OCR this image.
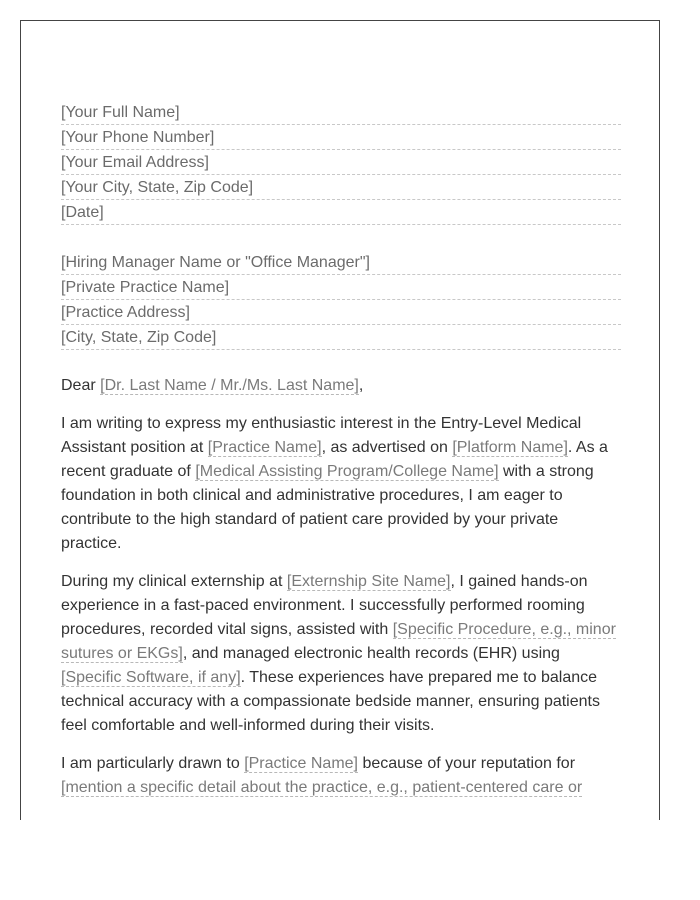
[Your Full Name]
[Your Phone Number]
[Your Email Address]
[Your City, State, Zip Code]
[Date]
[Hiring Manager Name or "Office Manager"]
[Private Practice Name]
[Practice Address]
[City, State, Zip Code]
Dear [Dr. Last Name / Mr./Ms. Last Name],

I am writing to express my enthusiastic interest in the Entry-Level Medical Assistant position at [Practice Name], as advertised on [Platform Name]. As a recent graduate of [Medical Assisting Program/College Name] with a strong foundation in both clinical and administrative procedures, I am eager to contribute to the high standard of patient care provided by your private practice.

During my clinical externship at [Externship Site Name], I gained hands-on experience in a fast-paced environment. I successfully performed rooming procedures, recorded vital signs, assisted with [Specific Procedure, e.g., minor sutures or EKGs], and managed electronic health records (EHR) using [Specific Software, if any]. These experiences have prepared me to balance technical accuracy with a compassionate bedside manner, ensuring patients feel comfortable and well-informed during their visits.

I am particularly drawn to [Practice Name] because of your reputation for [mention a specific detail about the practice, e.g., patient-centered care or
